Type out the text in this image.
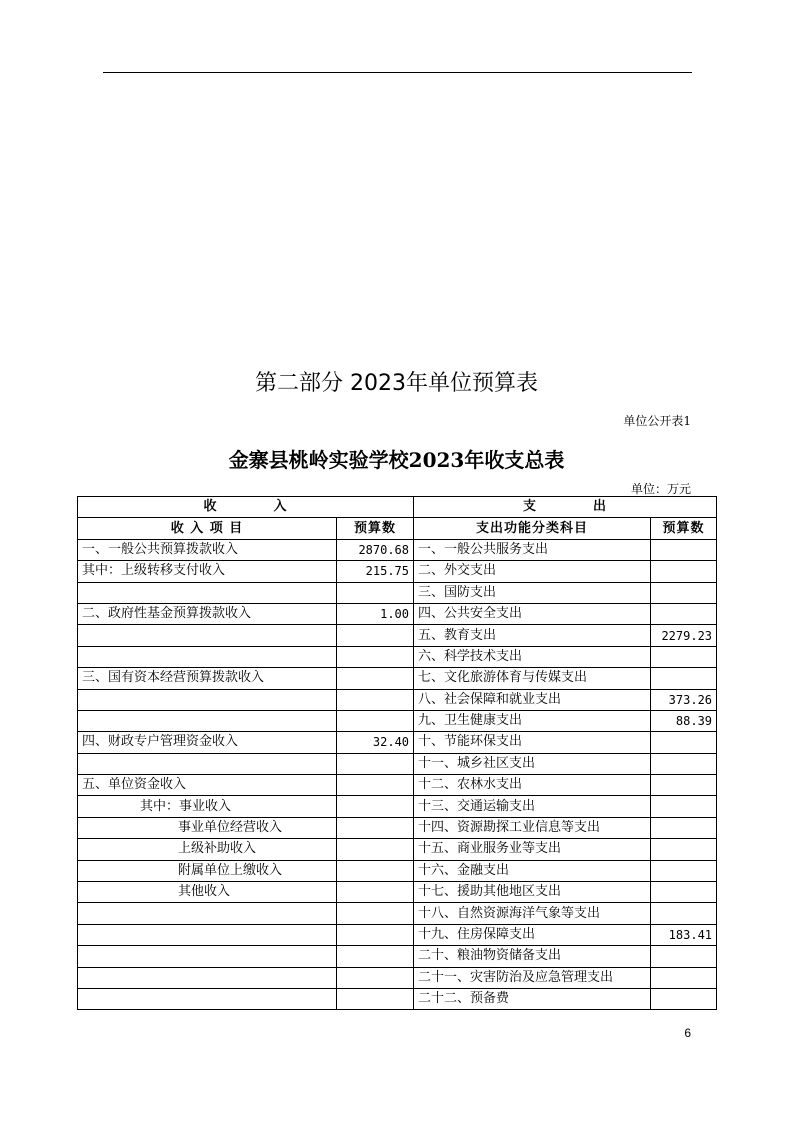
第二部分 2023年单位预算表
单位公开表1
金寨县桃岭实验学校2023年收支总表
单位：万元
收　　　　入		支　　　　出	
收 入 项 目	预算数	支出功能分类科目	预算数
一、一般公共预算拨款收入	2870.68	一、一般公共服务支出	
其中：上级转移支付收入	215.75	二、外交支出	
		三、国防支出	
二、政府性基金预算拨款收入	1.00	四、公共安全支出	
		五、教育支出	2279.23
		六、科学技术支出	
三、国有资本经营预算拨款收入		七、文化旅游体育与传媒支出	
		八、社会保障和就业支出	373.26
		九、卫生健康支出	88.39
四、财政专户管理资金收入	32.40	十、节能环保支出	
		十一、城乡社区支出	
五、单位资金收入		十二、农林水支出	
其中：事业收入		十三、交通运输支出	
事业单位经营收入		十四、资源勘探工业信息等支出	
上级补助收入		十五、商业服务业等支出	
附属单位上缴收入		十六、金融支出	
其他收入		十七、援助其他地区支出	
		十八、自然资源海洋气象等支出	
		十九、住房保障支出	183.41
		二十、粮油物资储备支出	
		二十一、灾害防治及应急管理支出	
		二十二、预备费	
6
